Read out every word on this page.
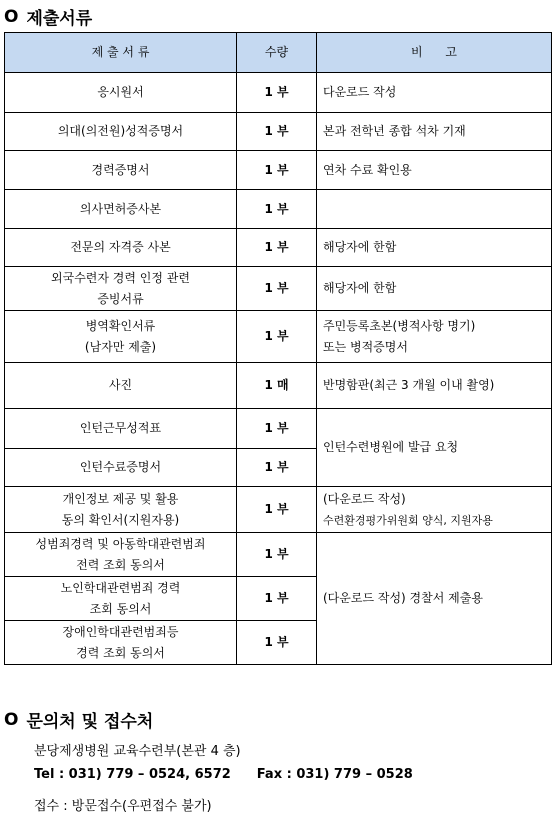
O 제출서류
제 출 서 류	수량	비      고
응시원서	1 부	다운로드 작성
의대(의전원)성적증명서	1 부	본과 전학년 종합 석차 기재
경력증명서	1 부	연차 수료 확인용
의사면허증사본	1 부	
전문의 자격증 사본	1 부	해당자에 한함
외국수련자 경력 인정 관련
증빙서류	1 부	해당자에 한함
병역확인서류
(남자만 제출)	1 부	주민등록초본(병적사항 명기)
또는 병적증명서
사진	1 매	반명함판(최근 3 개월 이내 촬영)
인턴근무성적표	1 부	인턴수련병원에 발급 요청
인턴수료증명서	1 부	
개인정보 제공 및 활용
동의 확인서(지원자용)	1 부	(다운로드 작성)
수련환경평가위원회 양식, 지원자용
성범죄경력 및 아동학대관련범죄
전력 조회 동의서	1 부	(다운로드 작성) 경찰서 제출용
노인학대관련범죄 경력
조회 동의서	1 부	
장애인학대관련범죄등
경력 조회 동의서	1 부	
O 문의처 및 접수처
분당제생병원 교육수련부(본관 4 층)
Tel : 031) 779 – 0524, 6572 Fax : 031) 779 – 0528
접수 : 방문접수(우편접수 불가)
